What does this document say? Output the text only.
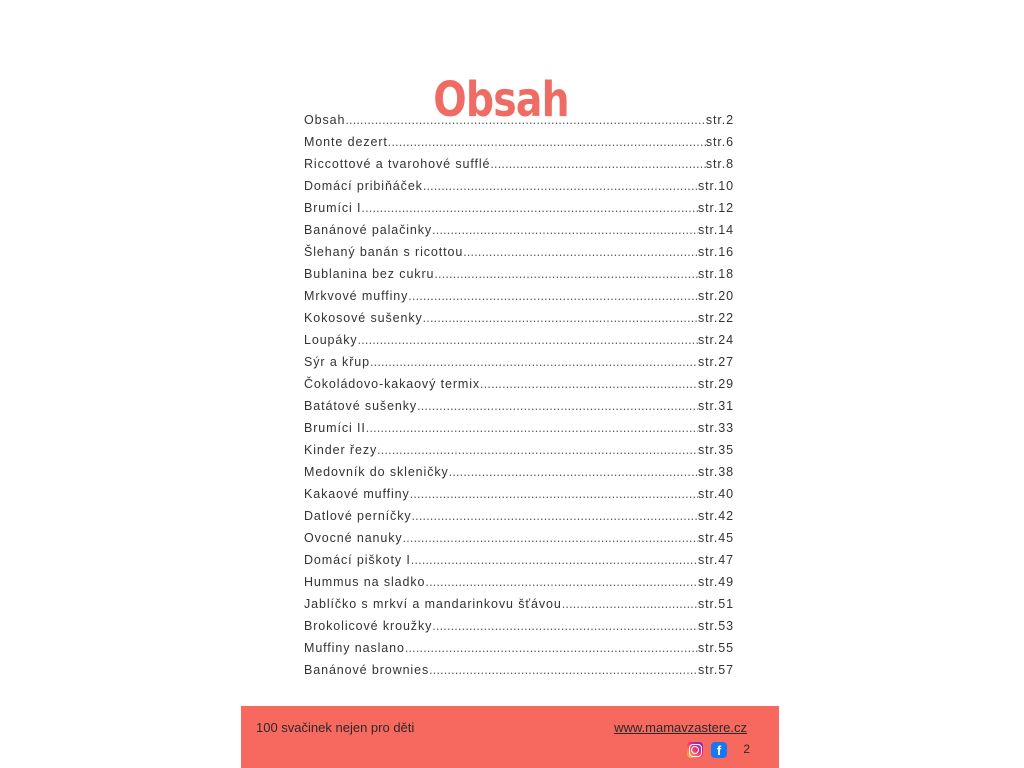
Obsah
Obsah .....	str.2
Monte dezert .....	str.6
Riccottové a tvarohové sufflé .....	str.8
Domácí pribiňáček .....	str.10
Brumíci I .....	str.12
Banánové palačinky .....	str.14
Šlehaný banán s ricottou .....	str.16
Bublanina bez cukru .....	str.18
Mrkvové muffiny .....	str.20
Kokosové sušenky .....	str.22
Loupáky .....	str.24
Sýr a křup .....	str.27
Čokoládovo-kakaový termix .....	str.29
Batátové sušenky .....	str.31
Brumíci II .....	str.33
Kinder řezy .....	str.35
Medovník do skleničky .....	str.38
Kakaové muffiny .....	str.40
Datlové perníčky .....	str.42
Ovocné nanuky .....	str.45
Domácí piškoty I .....	str.47
Hummus na sladko .....	str.49
Jablíčko s mrkví a mandarinkovu šťávou .....	str.51
Brokolicové kroužky .....	str.53
Muffiny naslano .....	str.55
Banánové brownies .....	str.57
100 svačinek nejen pro děti	www.mamavzastere.cz
f	2
